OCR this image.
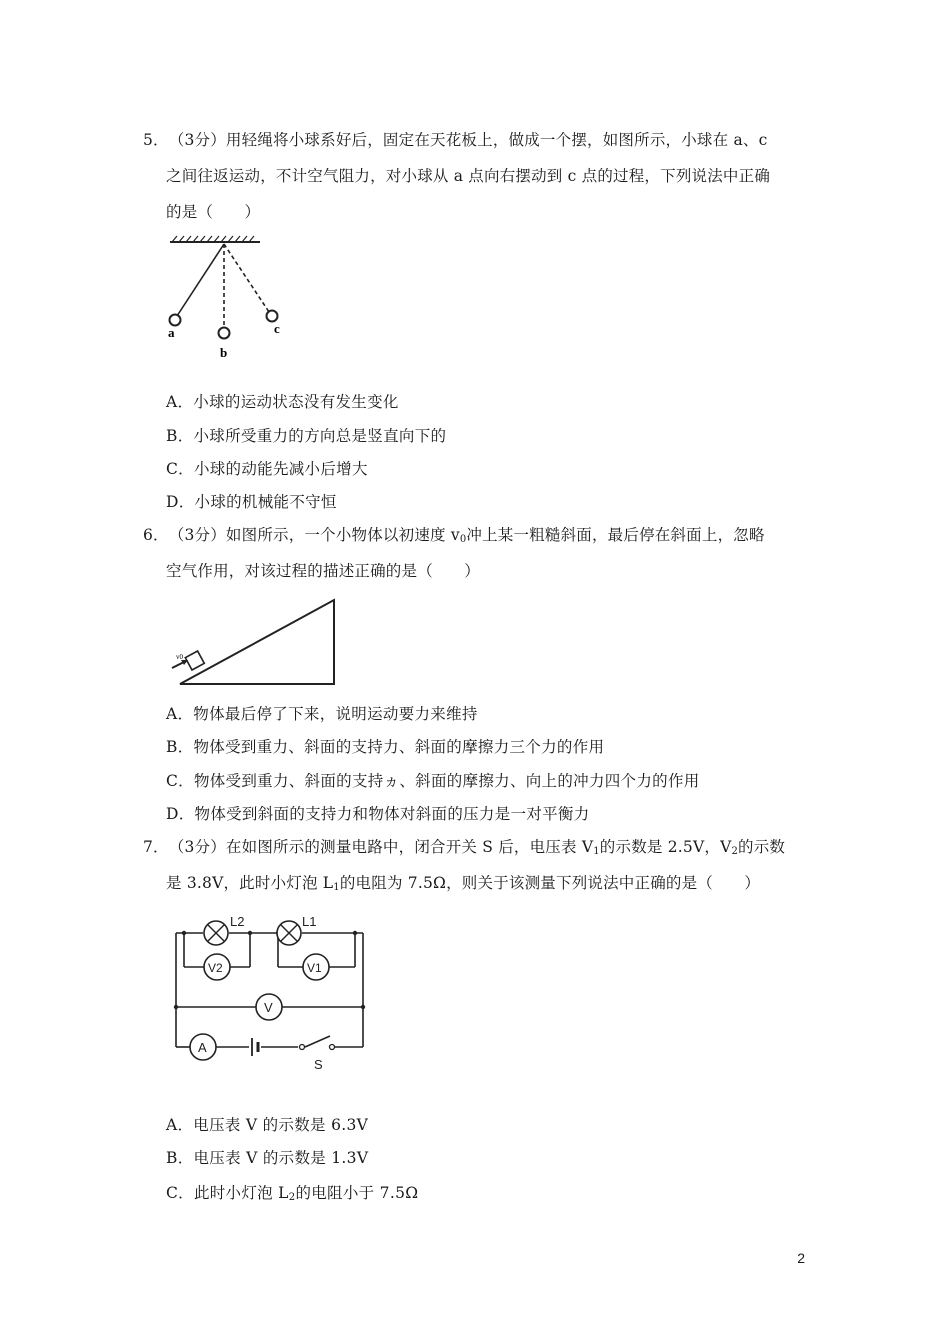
5．（3分）用轻绳将小球系好后，固定在天花板上，做成一个摆，如图所示，小球在 a、c
之间往返运动，不计空气阻力，对小球从 a 点向右摆动到 c 点的过程，下列说法中正确
的是（　　）
a
b
c
A．小球的运动状态没有发生变化
B．小球所受重力的方向总是竖直向下的
C．小球的动能先减小后增大
D．小球的机械能不守恒
6．（3分）如图所示，一个小物体以初速度 $v_0$冲上某一粗糙斜面，最后停在斜面上，忽略
空气作用，对该过程的描述正确的是（　　）
v0
A．物体最后停了下来，说明运动要力来维持
B．物体受到重力、斜面的支持力、斜面的摩擦力三个力的作用
C．物体受到重力、斜面的支持ヵ、斜面的摩擦力、向上的冲力四个力的作用
D．物体受到斜面的支持力和物体对斜面的压力是一对平衡力
7．（3分）在如图所示的测量电路中，闭合开关 S 后，电压表 $V_1$的示数是 2.5V，$V_2$的示数
是 3.8V，此时小灯泡 $L_1$的电阻为 7.5Ω，则关于该测量下列说法中正确的是（　　）
L2	L1
V2	V1
V
A
S
A．电压表 V 的示数是 6.3V
B．电压表 V 的示数是 1.3V
C．此时小灯泡 $L_2$的电阻小于 7.5Ω
2
